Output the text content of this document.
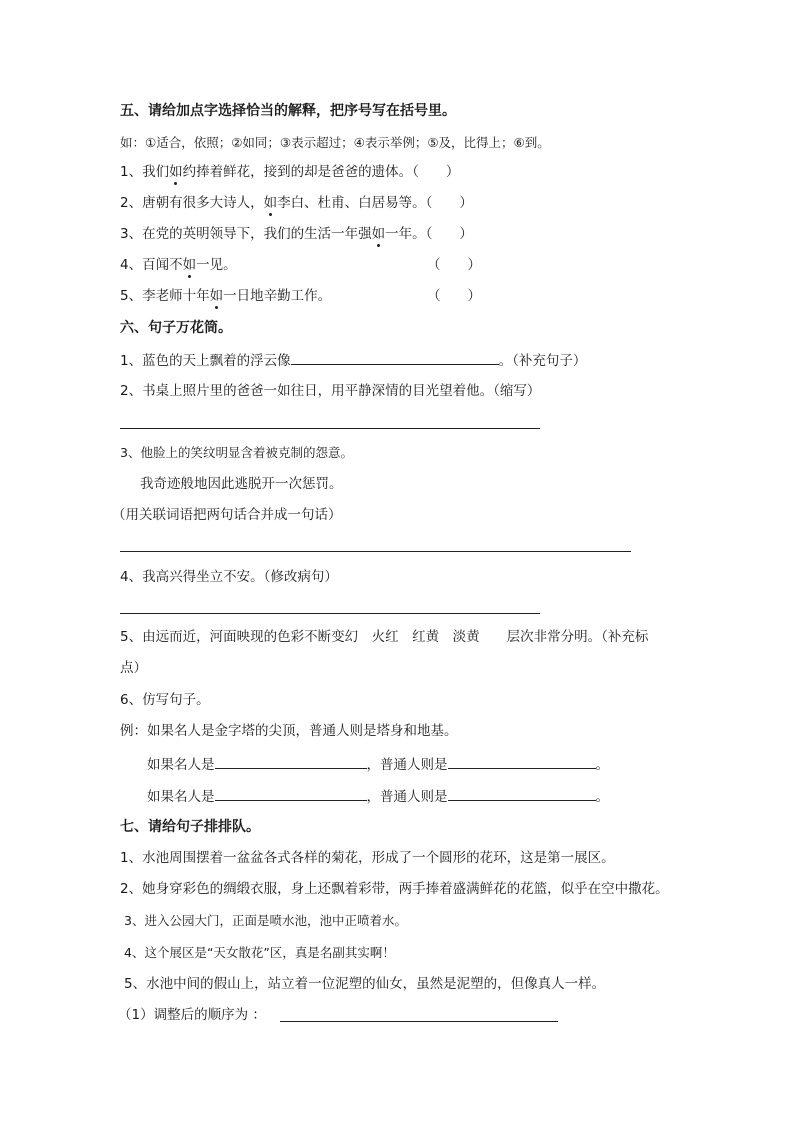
五、请给加点字选择恰当的解释，把序号写在括号里。
如：①适合，依照；②如同；③表示超过；④表示举例；⑤及，比得上；⑥到。
1、我们如约捧着鲜花，接到的却是爸爸的遗体。（　　）
2、唐朝有很多大诗人，如李白、杜甫、白居易等。（　　）
3、在党的英明领导下，我们的生活一年强如一年。（　　）
4、百闻不如一见。	（　　）
5、李老师十年如一日地辛勤工作。	（　　）
六、句子万花筒。
1、蓝色的天上飘着的浮云像	。（补充句子）
2、书桌上照片里的爸爸一如往日，用平静深情的目光望着他。（缩写）
3、他脸上的笑纹明显含着被克制的怨意。
我奇迹般地因此逃脱开一次惩罚。
（用关联词语把两句话合并成一句话）
4、我高兴得坐立不安。（修改病句）
5、由远而近，河面映现的色彩不断变幻　火红　红黄　淡黄　　层次非常分明。（补充标
点）
6、仿写句子。
例：如果名人是金字塔的尖顶，普通人则是塔身和地基。
如果名人是	，普通人则是	。
如果名人是	，普通人则是	。
七、请给句子排排队。
1、水池周围摆着一盆盆各式各样的菊花，形成了一个圆形的花环，这是第一展区。
2、她身穿彩色的绸缎衣服，身上还飘着彩带，两手捧着盛满鲜花的花篮，似乎在空中撒花。
3、进入公园大门，正面是喷水池，池中正喷着水。
4、这个展区是“天女散花”区，真是名副其实啊！
5、水池中间的假山上，站立着一位泥塑的仙女，虽然是泥塑的，但像真人一样。
（1）调整后的顺序为 ：
